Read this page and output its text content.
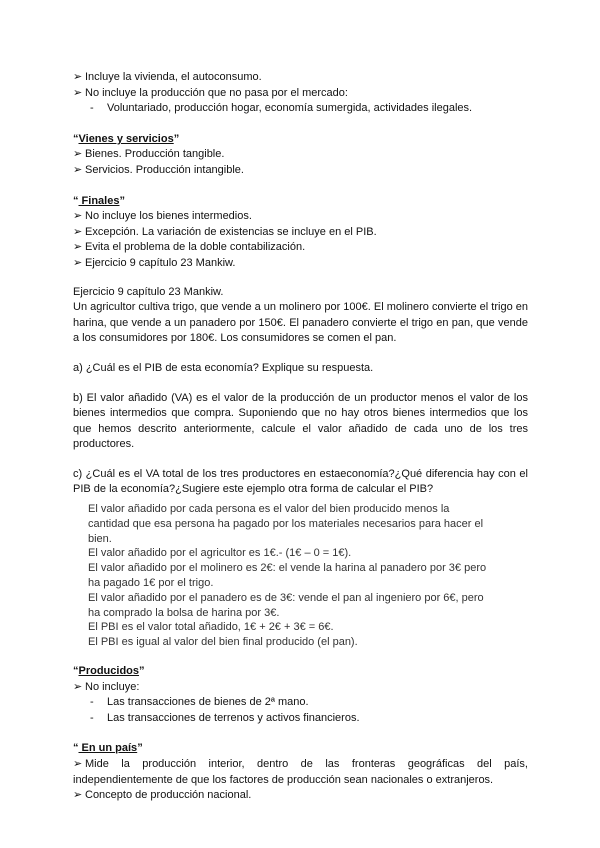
➢ Incluye la vivienda, el autoconsumo.
➢ No incluye la producción que no pasa por el mercado:
- Voluntariado, producción hogar, economía sumergida, actividades ilegales.
“Vienes y servicios”
➢ Bienes. Producción tangible.
➢ Servicios. Producción intangible.
“ Finales”
➢ No incluye los bienes intermedios.
➢ Excepción. La variación de existencias se incluye en el PIB.
➢ Evita el problema de la doble contabilización.
➢ Ejercicio 9 capítulo 23 Mankiw.
Ejercicio 9 capítulo 23 Mankiw.
Un agricultor cultiva trigo, que vende a un molinero por 100€. El molinero convierte el trigo en harina, que vende a un panadero por 150€. El panadero convierte el trigo en pan, que vende a los consumidores por 180€. Los consumidores se comen el pan.
a) ¿Cuál es el PIB de esta economía? Explique su respuesta.
b) El valor añadido (VA) es el valor de la producción de un productor menos el valor de los bienes intermedios que compra. Suponiendo que no hay otros bienes intermedios que los que hemos descrito anteriormente, calcule el valor añadido de cada uno de los tres productores.
c) ¿Cuál es el VA total de los tres productores en estaeconomía?¿Qué diferencia hay con el PIB de la economía?¿Sugiere este ejemplo otra forma de calcular el PIB?
El valor añadido por cada persona es el valor del bien producido menos la
cantidad que esa persona ha pagado por los materiales necesarios para hacer el
bien.
El valor añadido por el agricultor es 1€.- (1€ – 0 = 1€).
El valor añadido por el molinero es 2€: el vende la harina al panadero por 3€ pero
ha pagado 1€ por el trigo.
El valor añadido por el panadero es de 3€: vende el pan al ingeniero por 6€, pero
ha comprado la bolsa de harina por 3€.
El PBI es el valor total añadido, 1€ + 2€ + 3€ = 6€.
El PBI es igual al valor del bien final producido (el pan).
“Producidos”
➢ No incluye:
- Las transacciones de bienes de 2ª mano.
- Las transacciones de terrenos y activos financieros.
“ En un país”
➢ Mide la producción interior, dentro de las fronteras geográficas del país, independientemente de que los factores de producción sean nacionales o extranjeros.
➢ Concepto de producción nacional.
